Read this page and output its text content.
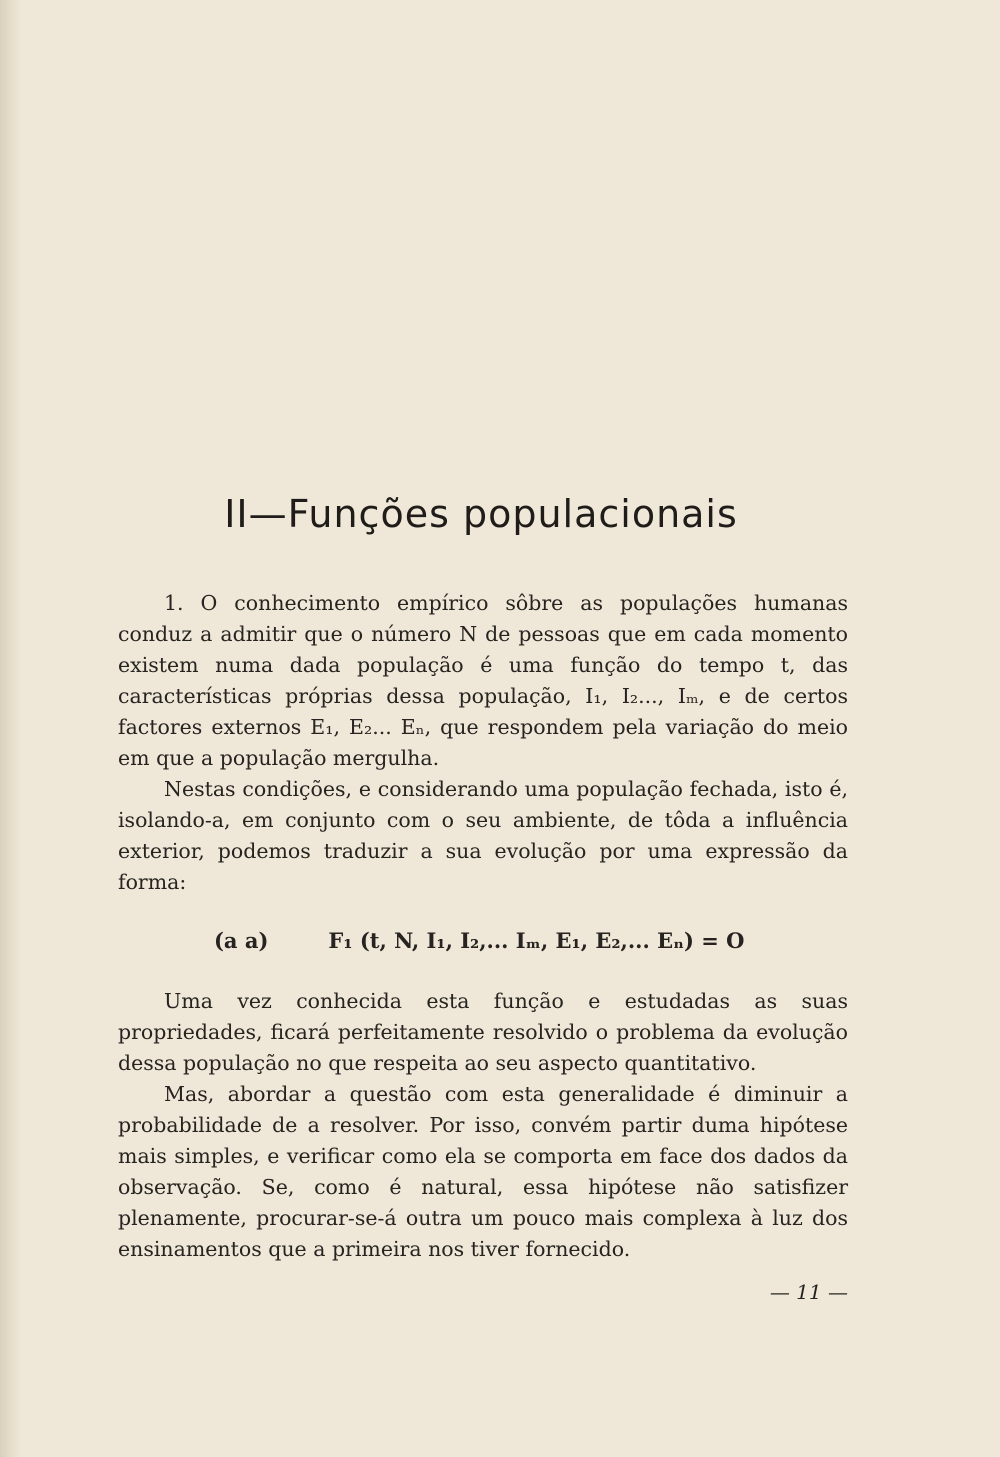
II—Funções populacionais

1. O conhecimento empírico sôbre as populações humanas conduz a admitir que o número N de pessoas que em cada momento existem numa dada população é uma função do tempo t, das características próprias dessa população, I₁, I₂..., Iₘ, e de certos factores externos E₁, E₂... Eₙ, que respondem pela variação do meio em que a população mergulha.

Nestas condições, e considerando uma população fechada, isto é, isolando-a, em conjunto com o seu ambiente, de tôda a influência exterior, podemos traduzir a sua evolução por uma expressão da forma:

(a a)	F₁ (t, N, I₁, I₂,... Iₘ, E₁, E₂,... Eₙ) = O

Uma vez conhecida esta função e estudadas as suas propriedades, ficará perfeitamente resolvido o problema da evolução dessa população no que respeita ao seu aspecto quantitativo.

Mas, abordar a questão com esta generalidade é diminuir a probabilidade de a resolver. Por isso, convém partir duma hipótese mais simples, e verificar como ela se comporta em face dos dados da observação. Se, como é natural, essa hipótese não satisfizer plenamente, procurar-se-á outra um pouco mais complexa à luz dos ensinamentos que a primeira nos tiver fornecido.

— 11 —
